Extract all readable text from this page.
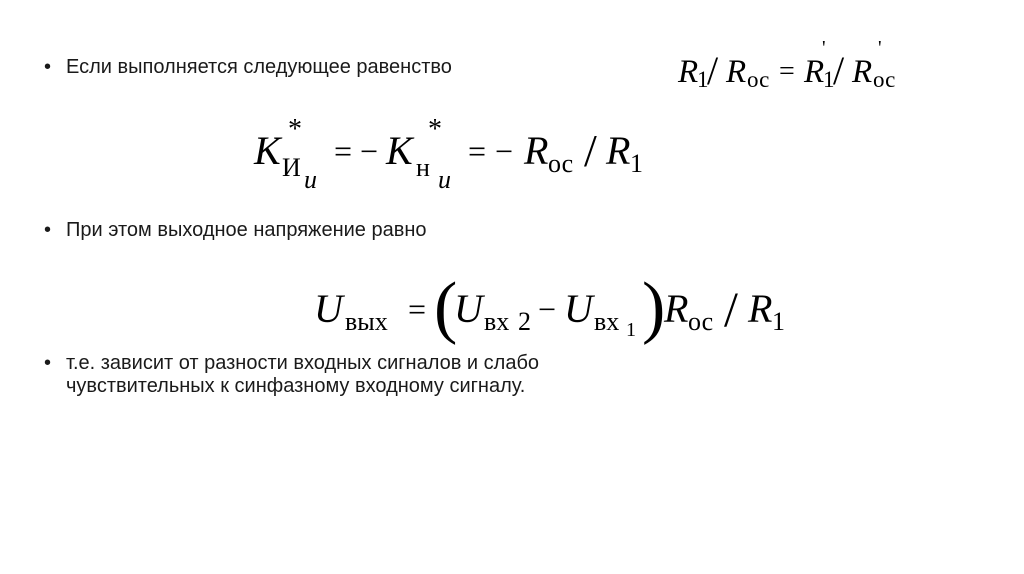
• Если выполняется следующее равенство	R
1
/ R ос = R
'
1
/ R
'
ос
K *
И и
= − K *
н и
= − R ос / R 1
• При этом выходное напряжение равно
U вых = (
U вх 2 − U вх 1 )
R ос / R 1
• т.е. зависит от разности входных сигналов и слабо
чувствительных к синфазному входному сигналу.
